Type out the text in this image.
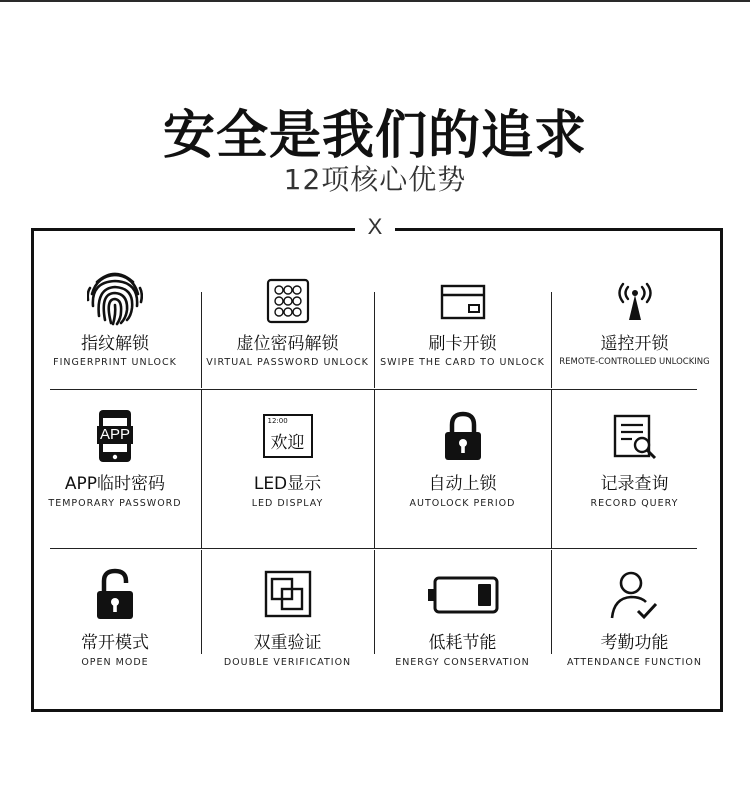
安全是我们的追求
12项核心优势
X
指纹解锁
FINGERPRINT UNLOCK
虚位密码解锁
VIRTUAL PASSWORD UNLOCK
刷卡开锁
SWIPE THE CARD TO UNLOCK
遥控开锁
REMOTE-CONTROLLED UNLOCKING
APP
APP临时密码
TEMPORARY PASSWORD
12:00
欢迎
LED显示
LED DISPLAY
自动上锁
AUTOLOCK PERIOD
记录查询
RECORD QUERY
常开模式
OPEN MODE
双重验证
DOUBLE VERIFICATION
低耗节能
ENERGY CONSERVATION
考勤功能
ATTENDANCE FUNCTION
